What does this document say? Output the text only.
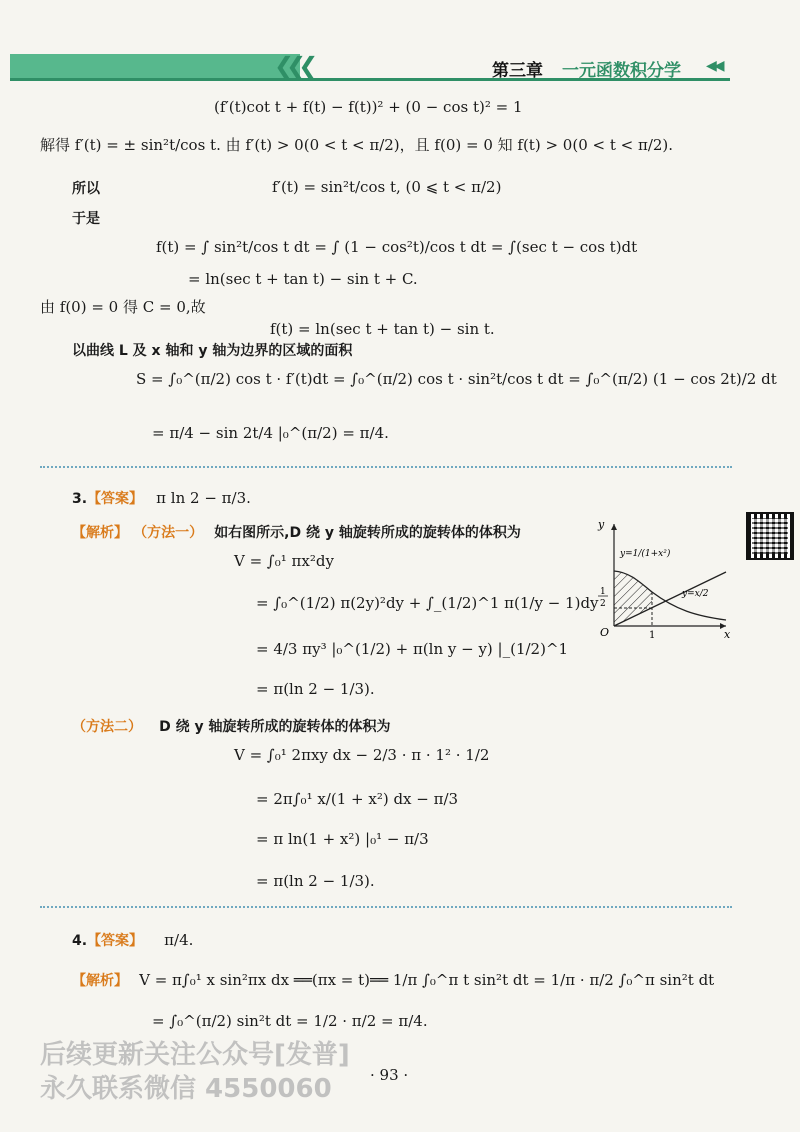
❮❮❮	第三章 一元函数积分学 ◀◀
(f′(t)cot t + f(t) − f(t))² + (0 − cos t)² = 1
解得 f′(t) = ± sin²t/cos t. 由 f′(t) > 0(0 < t < π/2)，且 f(0) = 0 知 f(t) > 0(0 < t < π/2).
所以	f′(t) = sin²t/cos t, (0 ⩽ t < π/2)
于是
f(t) = ∫ sin²t/cos t dt = ∫ (1 − cos²t)/cos t dt = ∫(sec t − cos t)dt
= ln(sec t + tan t) − sin t + C.
由 f(0) = 0 得 C = 0,故
f(t) = ln(sec t + tan t) − sin t.
以曲线 L 及 x 轴和 y 轴为边界的区域的面积
S = ∫₀^(π/2) cos t · f′(t)dt = ∫₀^(π/2) cos t · sin²t/cos t dt = ∫₀^(π/2) (1 − cos 2t)/2 dt
= π/4 − sin 2t/4 |₀^(π/2) = π/4.
3.【答案】 π ln 2 − π/3.
【解析】 （方法一） 如右图所示,D 绕 y 轴旋转所成的旋转体的体积为
V = ∫₀¹ πx²dy
= ∫₀^(1/2) π(2y)²dy + ∫_(1/2)^1 π(1/y − 1)dy
= 4/3 πy³ |₀^(1/2) + π(ln y − y) |_(1/2)^1
= π(ln 2 − 1/3).
y
x
O	1
1
2
y=1/(1+x²)
y=x/2
（方法二） D 绕 y 轴旋转所成的旋转体的体积为
V = ∫₀¹ 2πxy dx − 2/3 · π · 1² · 1/2
= 2π∫₀¹ x/(1 + x²) dx − π/3
= π ln(1 + x²) |₀¹ − π/3
= π(ln 2 − 1/3).
4.【答案】 π/4.
【解析】 V = π∫₀¹ x sin²πx dx ══(πx = t)══ 1/π ∫₀^π t sin²t dt = 1/π · π/2 ∫₀^π sin²t dt
= ∫₀^(π/2) sin²t dt = 1/2 · π/2 = π/4.
后续更新关注公众号[发普]
永久联系微信 4550060	· 93 ·
